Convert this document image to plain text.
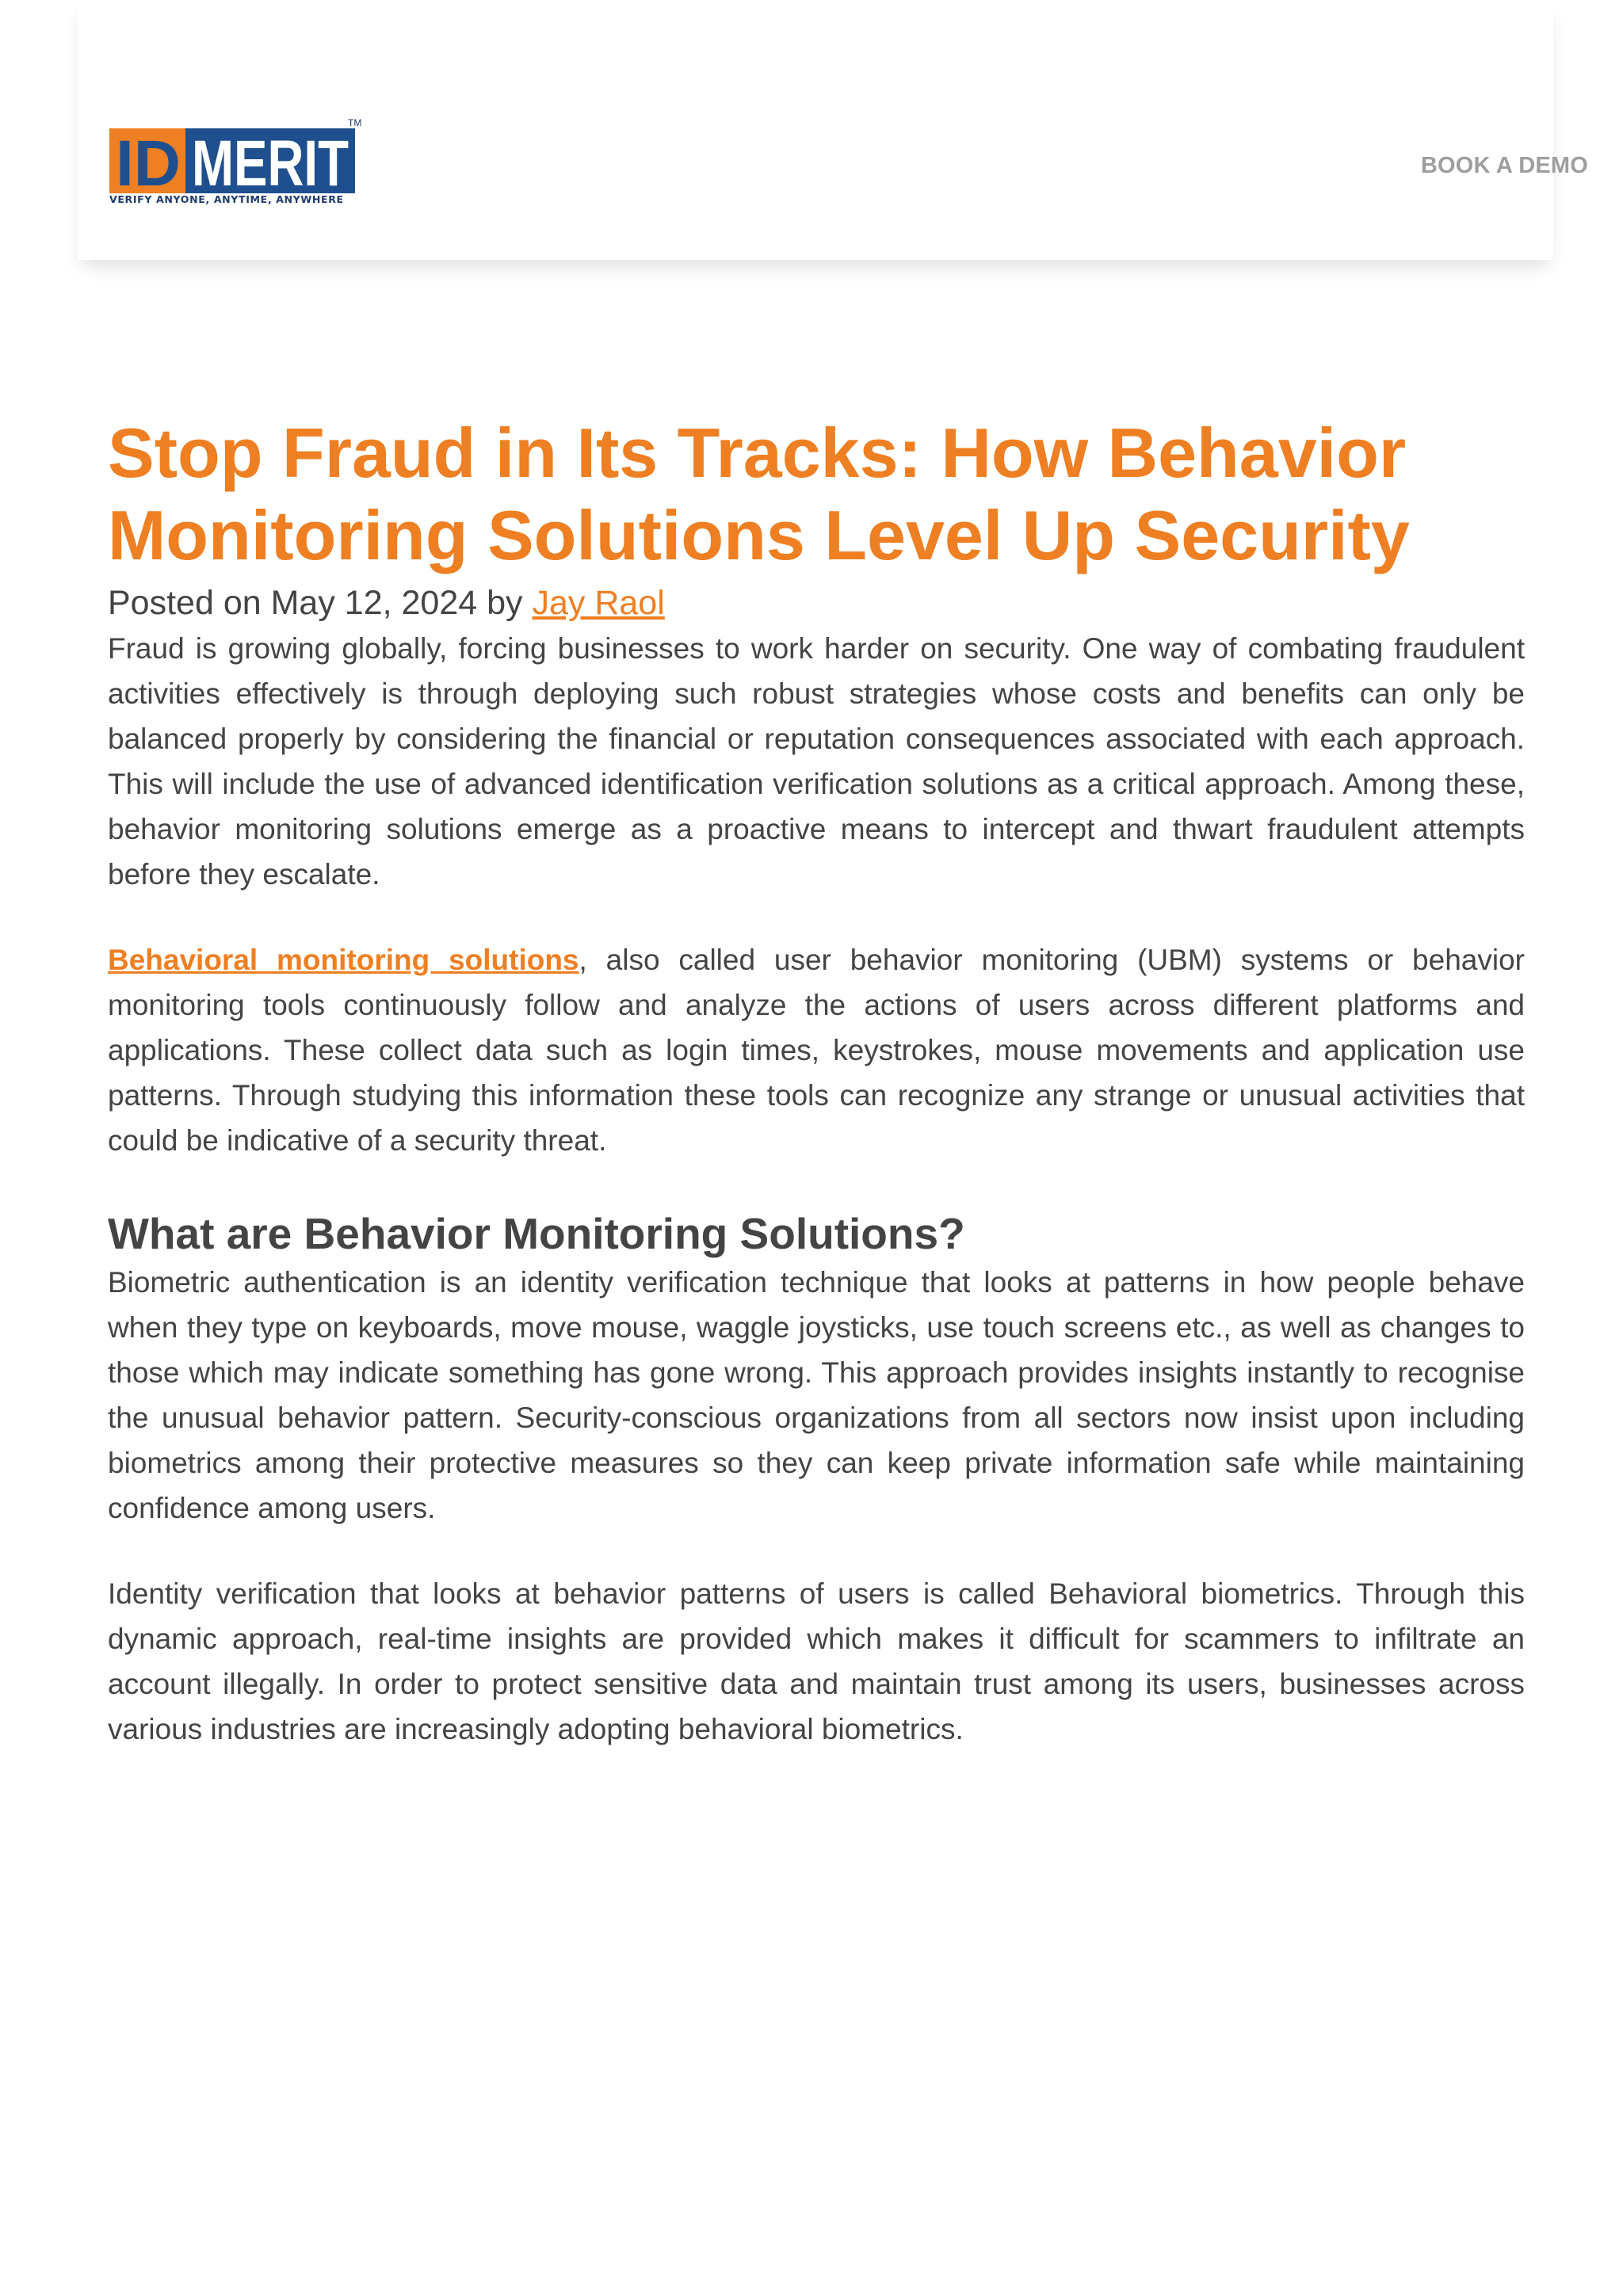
ID MERIT
TM
VERIFY ANYONE, ANYTIME, ANYWHERE
BOOK A DEMO
Stop Fraud in Its Tracks: How Behavior Monitoring Solutions Level Up Security
Posted on May 12, 2024 by Jay Raol

Fraud is growing globally, forcing businesses to work harder on security. One way of combating fraudulent activities effectively is through deploying such robust strategies whose costs and benefits can only be balanced properly by considering the financial or reputation consequences associated with each approach. This will include the use of advanced identification verification solutions as a critical approach. Among these, behavior monitoring solutions emerge as a proactive means to intercept and thwart fraudulent attempts before they escalate.

Behavioral monitoring solutions, also called user behavior monitoring (UBM) systems or behavior monitoring tools continuously follow and analyze the actions of users across different platforms and applications. These collect data such as login times, keystrokes, mouse movements and application use patterns. Through studying this information these tools can recognize any strange or unusual activities that could be indicative of a security threat.

What are Behavior Monitoring Solutions?

Biometric authentication is an identity verification technique that looks at patterns in how people behave when they type on keyboards, move mouse, waggle joysticks, use touch screens etc., as well as changes to those which may indicate something has gone wrong. This approach provides insights instantly to recognise the unusual behavior pattern. Security-conscious organizations from all sectors now insist upon including biometrics among their protective measures so they can keep private information safe while maintaining confidence among users.

Identity verification that looks at behavior patterns of users is called Behavioral biometrics. Through this dynamic approach, real-time insights are provided which makes it difficult for scammers to infiltrate an account illegally. In order to protect sensitive data and maintain trust among its users, businesses across various industries are increasingly adopting behavioral biometrics.
